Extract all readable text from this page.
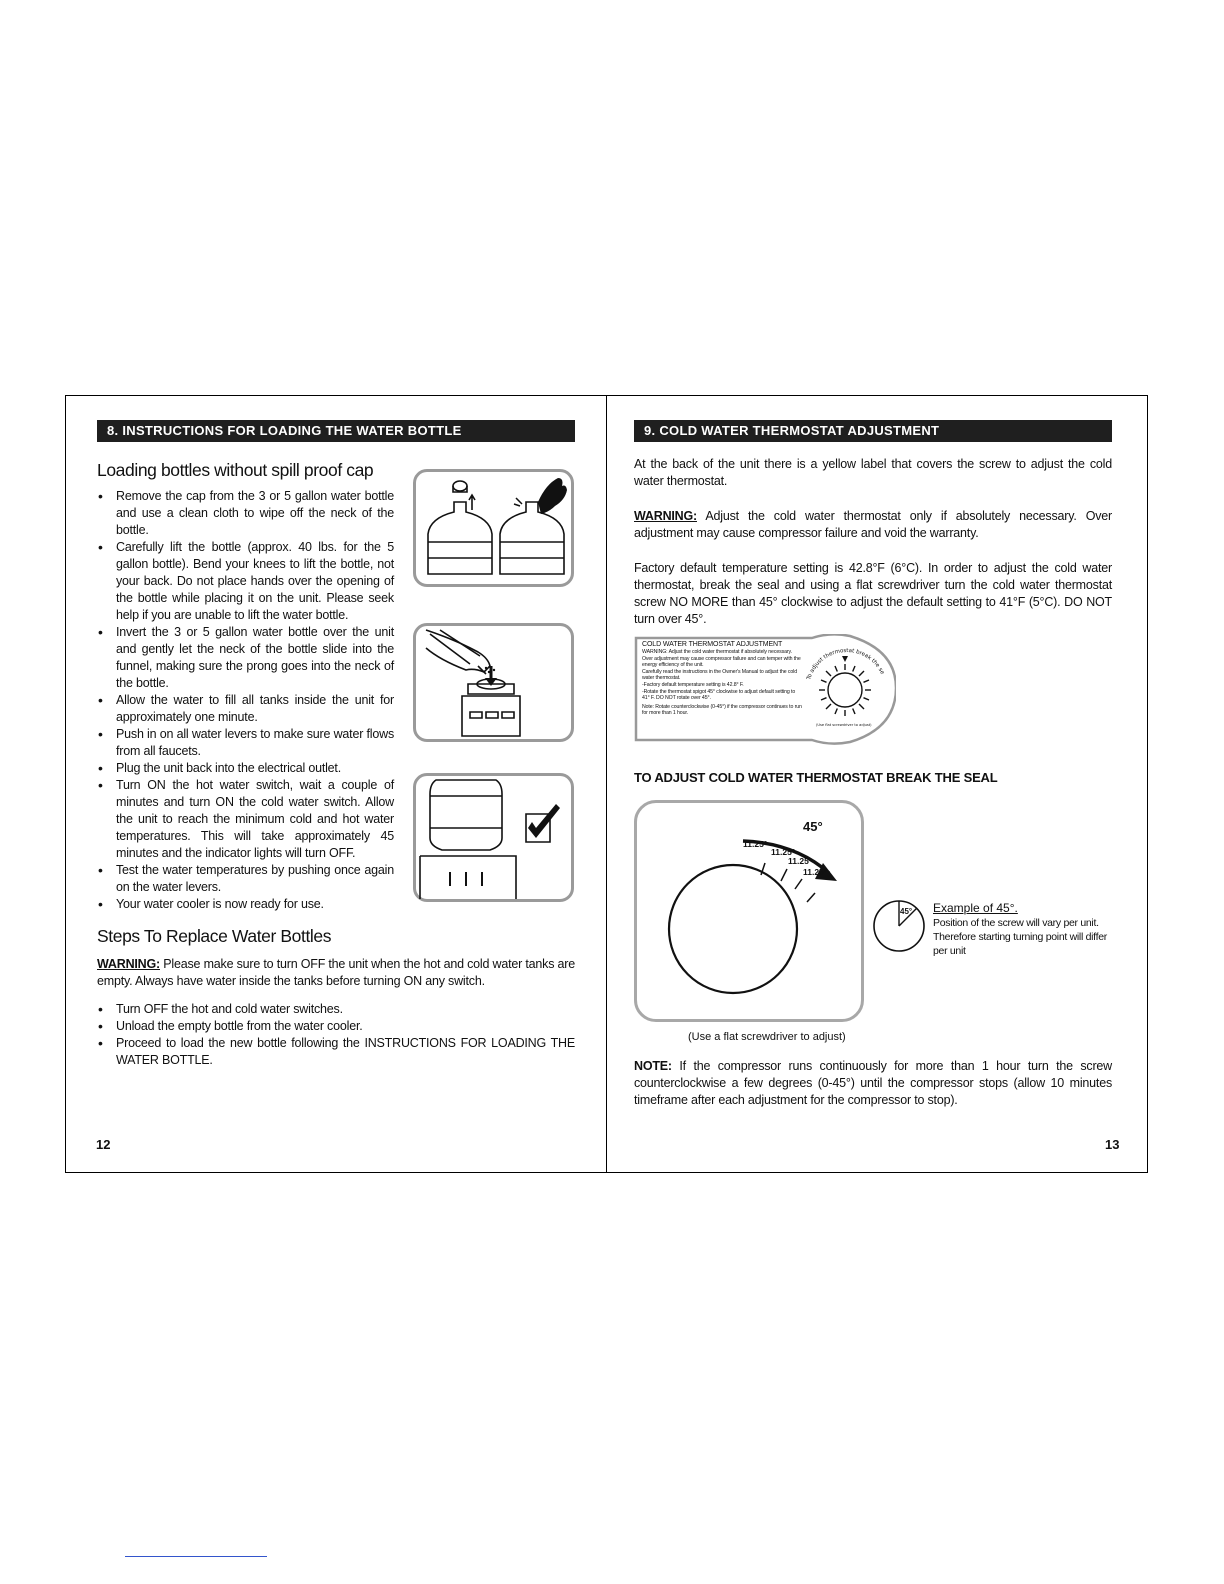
8. INSTRUCTIONS FOR LOADING THE WATER BOTTLE
Loading bottles without spill proof cap
• Remove the cap from the 3 or 5 gallon water bottle and use a clean cloth to wipe off the neck of the bottle.
• Carefully lift the bottle (approx. 40 lbs. for the 5 gallon bottle). Bend your knees to lift the bottle, not your back. Do not place hands over the opening of the bottle while placing it on the unit. Please seek help if you are unable to lift the water bottle.
• Invert the 3 or 5 gallon water bottle over the unit and gently let the neck of the bottle slide into the funnel, making sure the prong goes into the neck of the bottle.
• Allow the water to fill all tanks inside the unit for approximately one minute.
• Push in on all water levers to make sure water flows from all faucets.
• Plug the unit back into the electrical outlet.
• Turn ON the hot water switch, wait a couple of minutes and turn ON the cold water switch. Allow the unit to reach the minimum cold and hot water temperatures. This will take approximately 45 minutes and the indicator lights will turn OFF.
• Test the water temperatures by pushing once again on the water levers.
• Your water cooler is now ready for use.
Steps To Replace Water Bottles
WARNING: Please make sure to turn OFF the unit when the hot and cold water tanks are empty. Always have water inside the tanks before turning ON any switch.
• Turn OFF the hot and cold water switches.
• Unload the empty bottle from the water cooler.
• Proceed to load the new bottle following the INSTRUCTIONS FOR LOADING THE WATER BOTTLE.
12
9. COLD WATER THERMOSTAT ADJUSTMENT
At the back of the unit there is a yellow label that covers the screw to adjust the cold water thermostat.
WARNING: Adjust the cold water thermostat only if absolutely necessary. Over adjustment may cause compressor failure and void the warranty.
Factory default temperature setting is 42.8°F (6°C). In order to adjust the cold water thermostat, break the seal and using a flat screwdriver turn the cold water thermostat screw NO MORE than 45° clockwise to adjust the default setting to 41°F (5°C). DO NOT turn over 45°.
To adjust thermostat break the se
(Use flat screwdriver to adjust)
COLD WATER THERMOSTAT ADJUSTMENT
WARNING: Adjust the cold water thermostat if absolutely necessary. Over adjustment may cause compressor failure and can temper with the energy efficiency of the unit.
Carefully read the instructions in the Owner's Manual to adjust the cold water thermostat.
-Factory default temperature setting is 42.8° F.
-Rotate the thermostat spigot 45° clockwise to adjust default setting to 41° F. DO NOT rotate over 45°.
Note: Rotate counterclockwise (0-45°) if the compressor continues to run for more than 1 hour.
TO ADJUST COLD WATER THERMOSTAT BREAK THE SEAL
45°
11.25°
11.25°
11.25°
11.25°
45° Example of 45°.
Position of the screw will vary per unit. Therefore starting turning point will differ per unit
(Use a flat screwdriver to adjust)
NOTE: If the compressor runs continuously for more than 1 hour turn the screw counterclockwise a few degrees (0-45°) until the compressor stops (allow 10 minutes timeframe after each adjustment for the compressor to stop).
13
